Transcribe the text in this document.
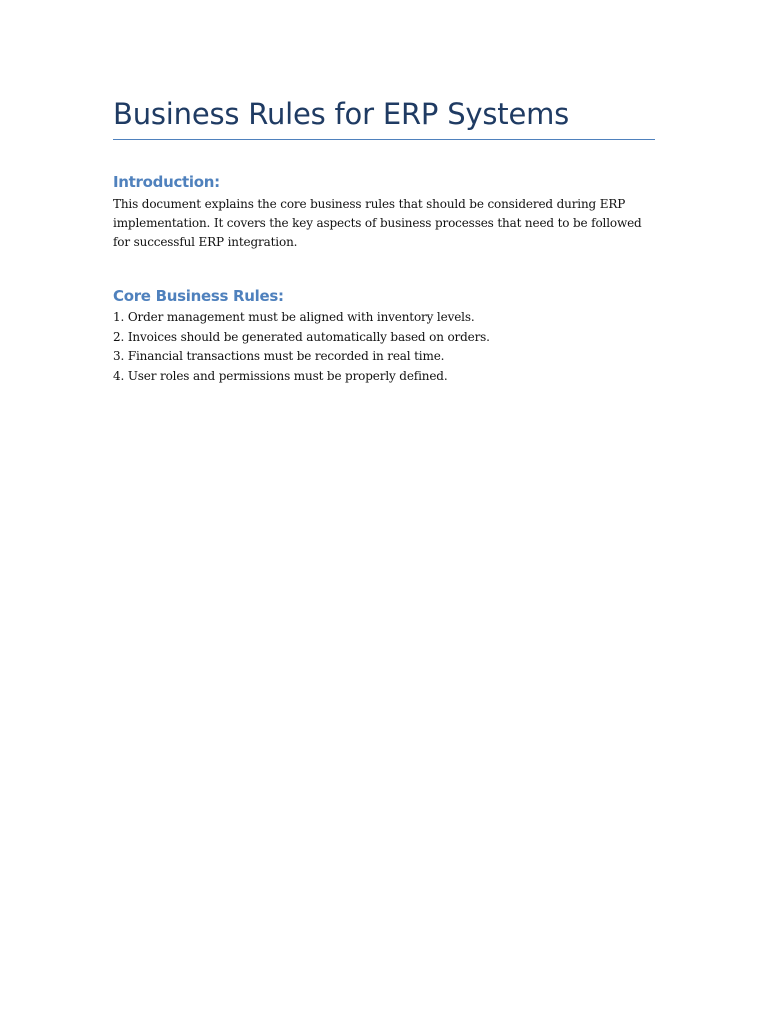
Business Rules for ERP Systems
Introduction:

This document explains the core business rules that should be considered during ERP implementation. It covers the key aspects of business processes that need to be followed for successful ERP integration.

Core Business Rules:
1. Order management must be aligned with inventory levels.
2. Invoices should be generated automatically based on orders.
3. Financial transactions must be recorded in real time.
4. User roles and permissions must be properly defined.
